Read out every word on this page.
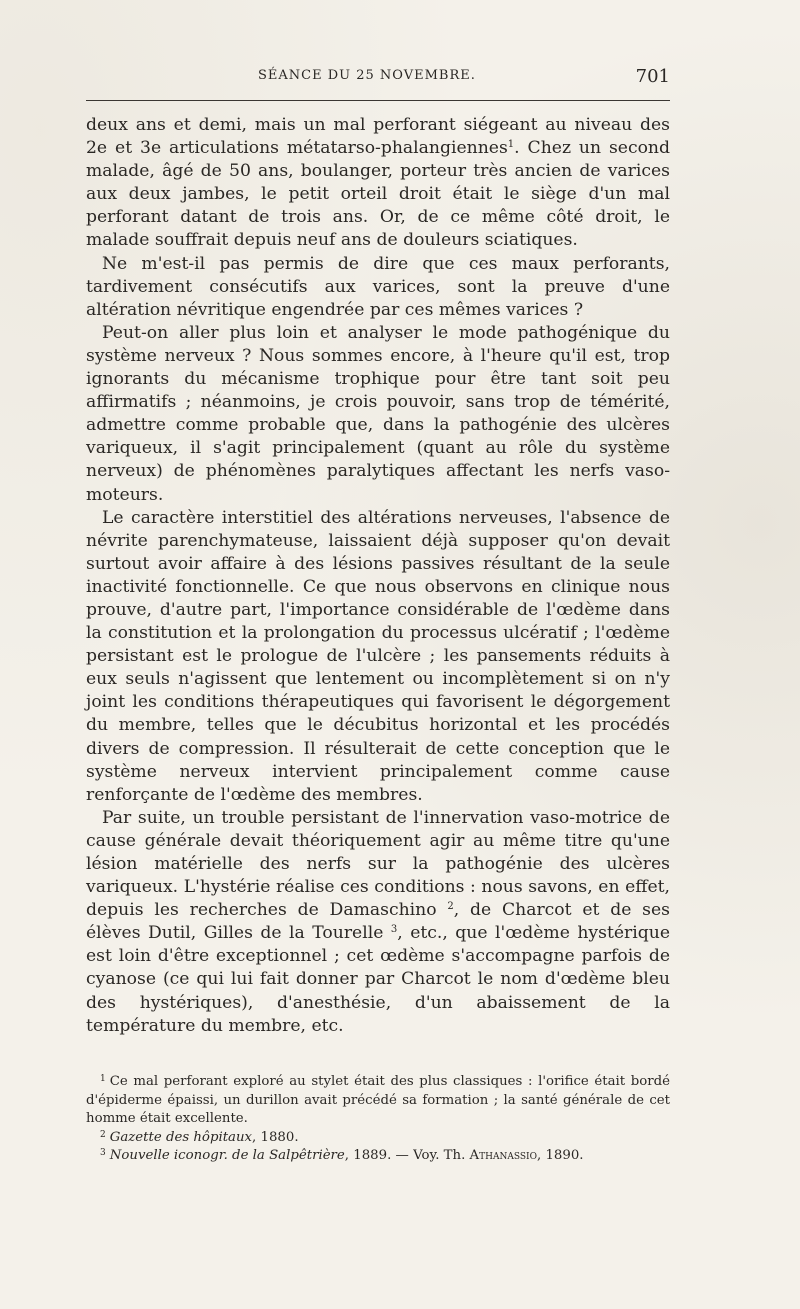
SÉANCE DU 25 NOVEMBRE.	701

deux ans et demi, mais un mal perforant siégeant au niveau des 2e et 3e articulations métatarso-phalangiennes$^1$. Chez un second malade, âgé de 50 ans, boulanger, porteur très ancien de varices aux deux jambes, le petit orteil droit était le siège d'un mal perforant datant de trois ans. Or, de ce même côté droit, le malade souffrait depuis neuf ans de douleurs sciatiques.

Ne m'est-il pas permis de dire que ces maux perforants, tardivement consécutifs aux varices, sont la preuve d'une altération névritique engendrée par ces mêmes varices ?

Peut-on aller plus loin et analyser le mode pathogénique du système nerveux ? Nous sommes encore, à l'heure qu'il est, trop ignorants du mécanisme trophique pour être tant soit peu affirmatifs ; néanmoins, je crois pouvoir, sans trop de témérité, admettre comme probable que, dans la pathogénie des ulcères variqueux, il s'agit principalement (quant au rôle du système nerveux) de phénomènes paralytiques affectant les nerfs vaso-moteurs.

Le caractère interstitiel des altérations nerveuses, l'absence de névrite parenchymateuse, laissaient déjà supposer qu'on devait surtout avoir affaire à des lésions passives résultant de la seule inactivité fonctionnelle. Ce que nous observons en clinique nous prouve, d'autre part, l'importance considérable de l'œdème dans la constitution et la prolongation du processus ulcératif ; l'œdème persistant est le prologue de l'ulcère ; les pansements réduits à eux seuls n'agissent que lentement ou incomplètement si on n'y joint les conditions thérapeutiques qui favorisent le dégorgement du membre, telles que le décubitus horizontal et les procédés divers de compression. Il résulterait de cette conception que le système nerveux intervient principalement comme cause renforçante de l'œdème des membres.

Par suite, un trouble persistant de l'innervation vaso-motrice de cause générale devait théoriquement agir au même titre qu'une lésion matérielle des nerfs sur la pathogénie des ulcères variqueux. L'hystérie réalise ces conditions : nous savons, en effet, depuis les recherches de Damaschino $^2$, de Charcot et de ses élèves Dutil, Gilles de la Tourelle $^3$, etc., que l'œdème hystérique est loin d'être exceptionnel ; cet œdème s'accompagne parfois de cyanose (ce qui lui fait donner par Charcot le nom d'œdème bleu des hystériques), d'anesthésie, d'un abaissement de la température du membre, etc.

$^1$ Ce mal perforant exploré au stylet était des plus classiques : l'orifice était bordé d'épiderme épaissi, un durillon avait précédé sa formation ; la santé générale de cet homme était excellente.

$^2$ Gazette des hôpitaux, 1880.

$^3$ Nouvelle iconogr. de la Salpêtrière, 1889. — Voy. Th. Athanassio, 1890.
